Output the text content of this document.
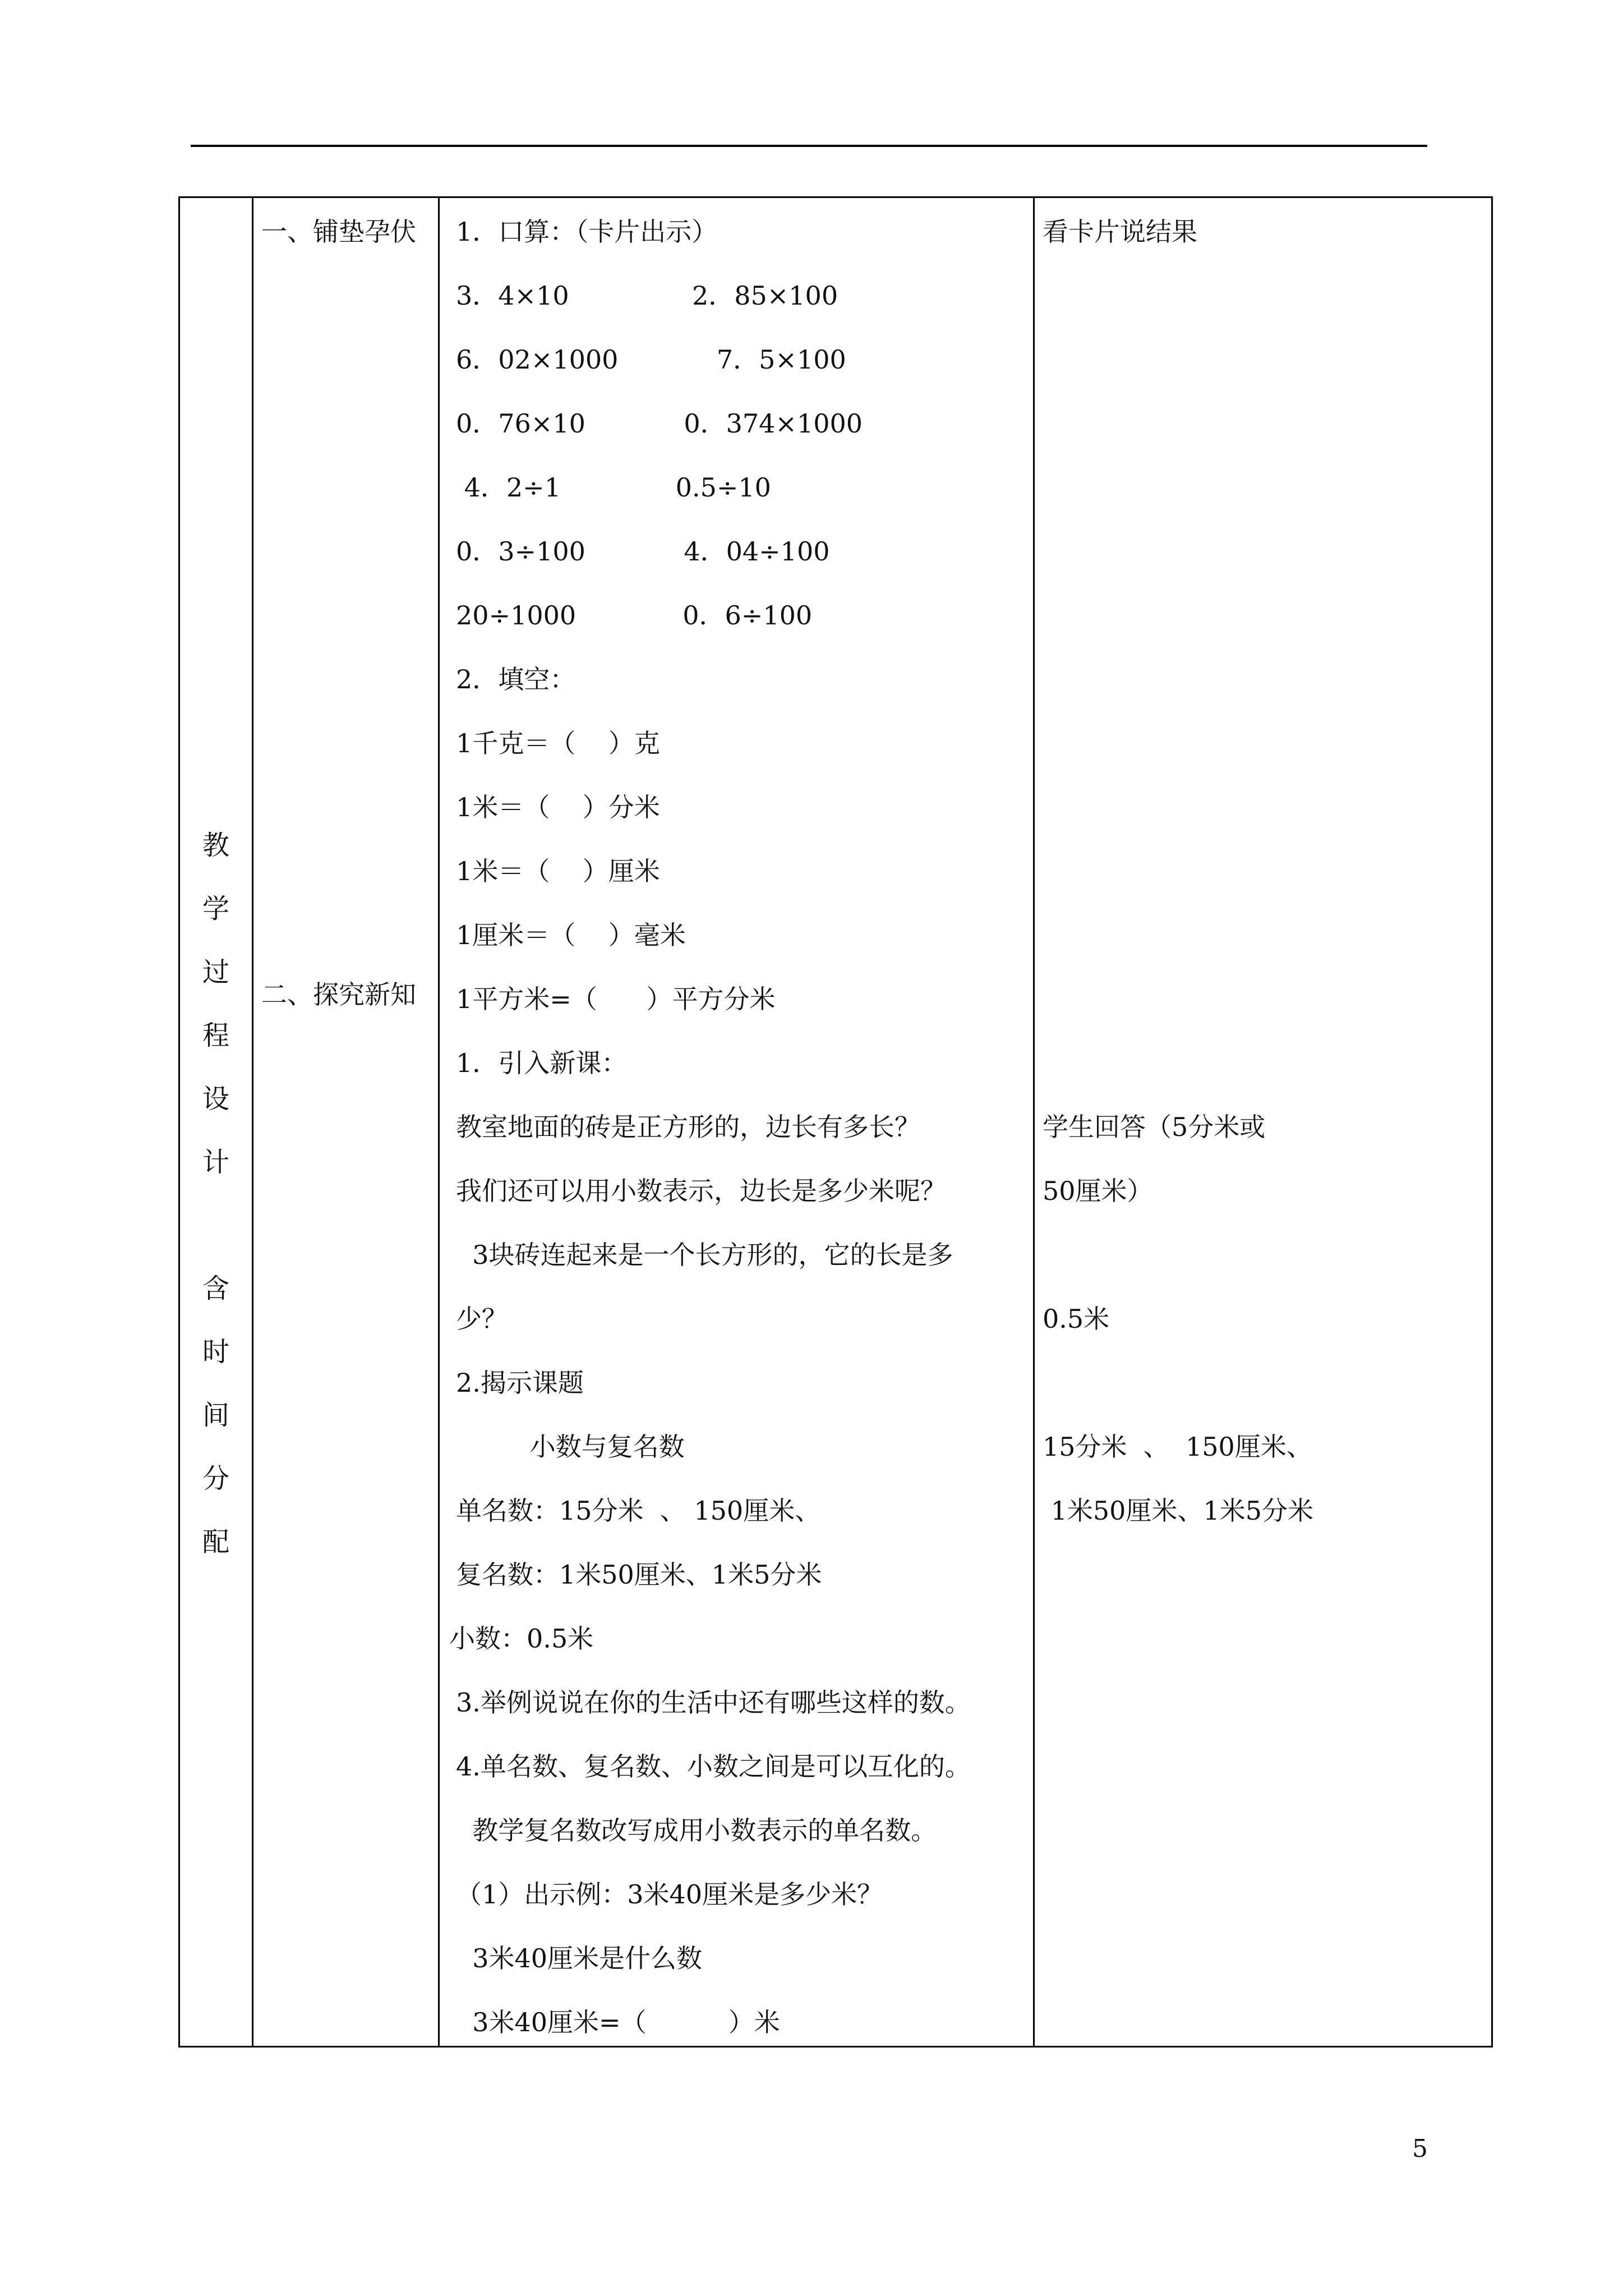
教
学
过
程
设
计
含
时
间
分
配
一、铺垫孕伏
二、探究新知
1．口算：（卡片出示）
3．4×10               2．85×100
6．02×1000            7．5×100
0．76×10            0．374×1000
4．2÷1              0.5÷10
0．3÷100            4．04÷100
20÷1000             0．6÷100
2．填空：
1千克＝（    ）克
1米＝（    ）分米
1米＝（    ）厘米
1厘米＝（    ）毫米
1平方米=（      ）平方分米
1．引入新课：
教室地面的砖是正方形的，边长有多长？
我们还可以用小数表示，边长是多少米呢？
3块砖连起来是一个长方形的，它的长是多
少？
2.揭示课题
小数与复名数
单名数：15分米  、 150厘米、
复名数：1米50厘米、1米5分米
小数：0.5米
3.举例说说在你的生活中还有哪些这样的数。
4.单名数、复名数、小数之间是可以互化的。
教学复名数改写成用小数表示的单名数。
（1）出示例：3米40厘米是多少米？
3米40厘米是什么数
3米40厘米=（          ）米
看卡片说结果
学生回答（5分米或
50厘米）
0.5米
15分米  、  150厘米、
1米50厘米、1米5分米
5
